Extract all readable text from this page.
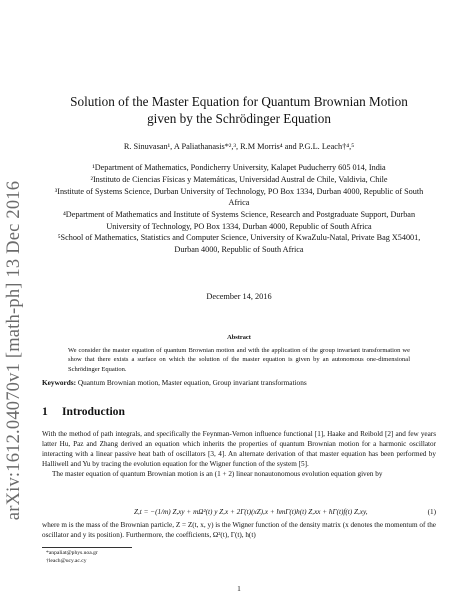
arXiv:1612.04070v1 [math-ph] 13 Dec 2016
Solution of the Master Equation for Quantum Brownian Motion
given by the Schrödinger Equation
R. Sinuvasan¹, A Paliathanasis*²,³, R.M Morris⁴ and P.G.L. Leach†⁴,⁵

¹Department of Mathematics, Pondicherry University, Kalapet Puducherry 605 014, India

²Instituto de Ciencias Físicas y Matemáticas, Universidad Austral de Chile, Valdivia, Chile

³Institute of Systems Science, Durban University of Technology, PO Box 1334, Durban 4000, Republic of South Africa

⁴Department of Mathematics and Institute of Systems Science, Research and Postgraduate Support, Durban University of Technology, PO Box 1334, Durban 4000, Republic of South Africa

⁵School of Mathematics, Statistics and Computer Science, University of KwaZulu-Natal, Private Bag X54001, Durban 4000, Republic of South Africa

December 14, 2016
Abstract
We consider the master equation of quantum Brownian motion and with the application of the group invariant transformation we show that there exists a surface on which the solution of the master equation is given by an autonomous one-dimensional Schrödinger Equation.
Keywords: Quantum Brownian motion, Master equation, Group invariant transformations
1 Introduction

With the method of path integrals, and specifically the Feynman-Vernon influence functional [1], Haake and Reibold [2] and few years latter Hu, Paz and Zhang derived an equation which inherits the properties of quantum Brownian motion for a harmonic oscillator interacting with a linear passive heat bath of oscillators [3, 4]. An alternate derivation of that master equation has been performed by Halliwell and Yu by tracing the evolution equation for the Wigner function of the system [5].

The master equation of quantum Brownian motion is an (1 + 2) linear nonautonomous evolution equation given by

Z,t = −(1/m) Z,xy + mΩ²(t) y Z,x + 2Γ(t)(xZ),x + ħmΓ(t)h(t) Z,xx + ħΓ(t)f(t) Z,xy,	(1)
where m is the mass of the Brownian particle, Z = Z(t, x, y) is the Wigner function of the density matrix (x denotes the momentum of the oscillator and y its position). Furthermore, the coefficients, Ω²(t), Γ(t), h(t)
*anpaliat@phys.uoa.gr
†leach@ucy.ac.cy
1
